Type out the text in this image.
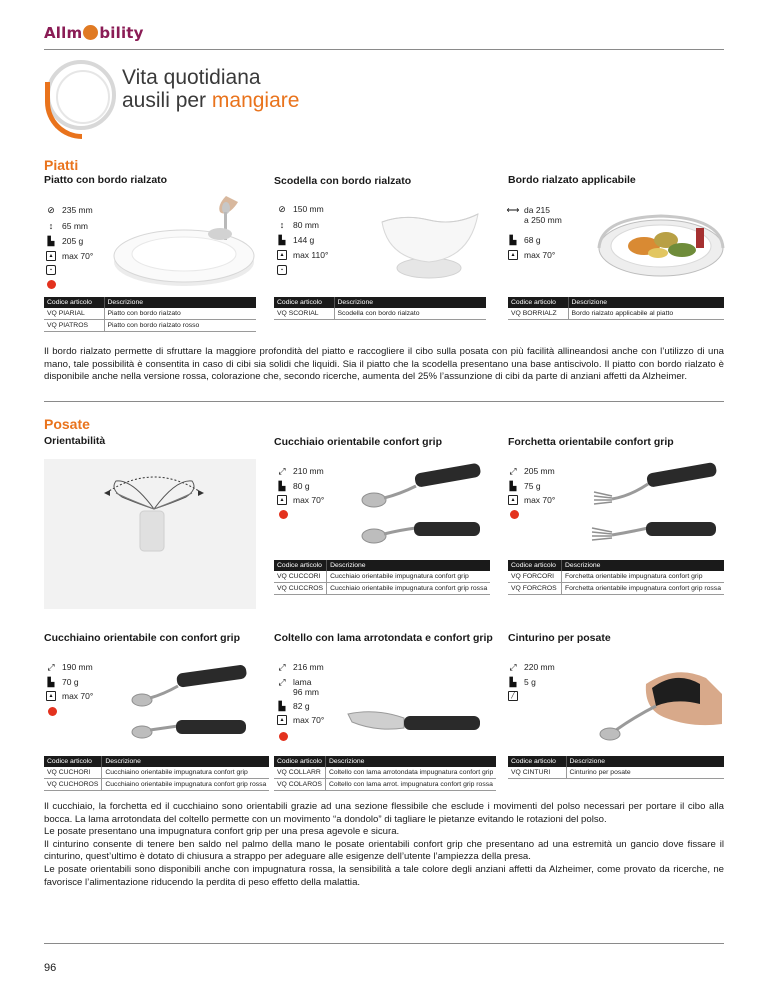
Allm bility
Vita quotidiana
ausili per mangiare
Piatti
Piatto con bordo rialzato
⊘ 235 mm
↕	65 mm
▙ 205 g
▴	max 70°
▪
Codice articolo	Descrizione
VQ PIARIAL	Piatto con bordo rialzato
VQ PIATROS	Piatto con bordo rialzato rosso
Scodella con bordo rialzato
⊘ 150 mm
↕	80 mm
▙ 144 g
▴	max 110°
▪
Codice articolo	Descrizione
VQ SCORIAL	Scodella con bordo rialzato
Bordo rialzato applicabile
⟷ da 215
a 250 mm
▙ 68 g
▴	max 70°
Codice articolo	Descrizione
VQ BORRIALZ	Bordo rialzato applicabile al piatto
Il bordo rialzato permette di sfruttare la maggiore profondità del piatto e raccogliere il cibo sulla posata con più facilità allineandosi anche con l’utilizzo di una mano, tale possibilità è consentita in caso di cibi sia solidi che liquidi. Sia il piatto che la scodella presentano una base antiscivolo. Il piatto con bordo rialzato è disponibile anche nella versione rossa, colorazione che, secondo ricerche, aumenta del 25% l’assunzione di cibi da parte di anziani affetti da Alzheimer.
Posate
Orientabilità	Cucchiaio orientabile confort grip
⤢ 210 mm
▙ 80 g
▴	max 70°
Codice articolo	Descrizione
VQ CUCCORI	Cucchiaio orientabile impugnatura confort grip
VQ CUCCROS	Cucchiaio orientabile impugnatura confort grip rossa
Forchetta orientabile confort grip
⤢ 205 mm
▙ 75 g
▴	max 70°
Codice articolo	Descrizione
VQ FORCORI	Forchetta orientabile impugnatura confort grip
VQ FORCROS	Forchetta orientabile impugnatura confort grip rossa
Cucchiaino orientabile con confort grip
⤢ 190 mm
▙ 70 g
▴	max 70°
Codice articolo	Descrizione
VQ CUCHORI	Cucchiaino orientabile impugnatura confort grip
VQ CUCHOROS	Cucchiaino orientabile impugnatura confort grip rossa
Coltello con lama arrotondata e confort grip
⤢ 216 mm
⤢ lama
96 mm
▙ 82 g
▴	max 70°
Codice articolo	Descrizione
VQ COLLARR	Coltello con lama arrotondata impugnatura confort grip
VQ COLAROS	Coltello con lama arrot. impugnatura confort grip rossa
Cinturino per posate
⤢ 220 mm
▙ 5 g
╱
Codice articolo	Descrizione
VQ CINTURI	Cinturino per posate
Il cucchiaio, la forchetta ed il cucchiaino sono orientabili grazie ad una sezione flessibile che esclude i movimenti del polso necessari per portare il cibo alla bocca. La lama arrotondata del coltello permette con un movimento “a dondolo” di tagliare le pietanze evitando le rotazioni del polso.
Le posate presentano una impugnatura confort grip per una presa agevole e sicura.
Il cinturino consente di tenere ben saldo nel palmo della mano le posate orientabili confort grip che presentano ad una estremità un gancio dove fissare il cinturino, quest’ultimo è dotato di chiusura a strappo per adeguare alle esigenze dell’utente l’ampiezza della presa.
Le posate orientabili sono disponibili anche con impugnatura rossa, la sensibilità a tale colore degli anziani affetti da Alzheimer, come provato da ricerche, ne favorisce l’alimentazione riducendo la perdita di peso effetto della malattia.
96
